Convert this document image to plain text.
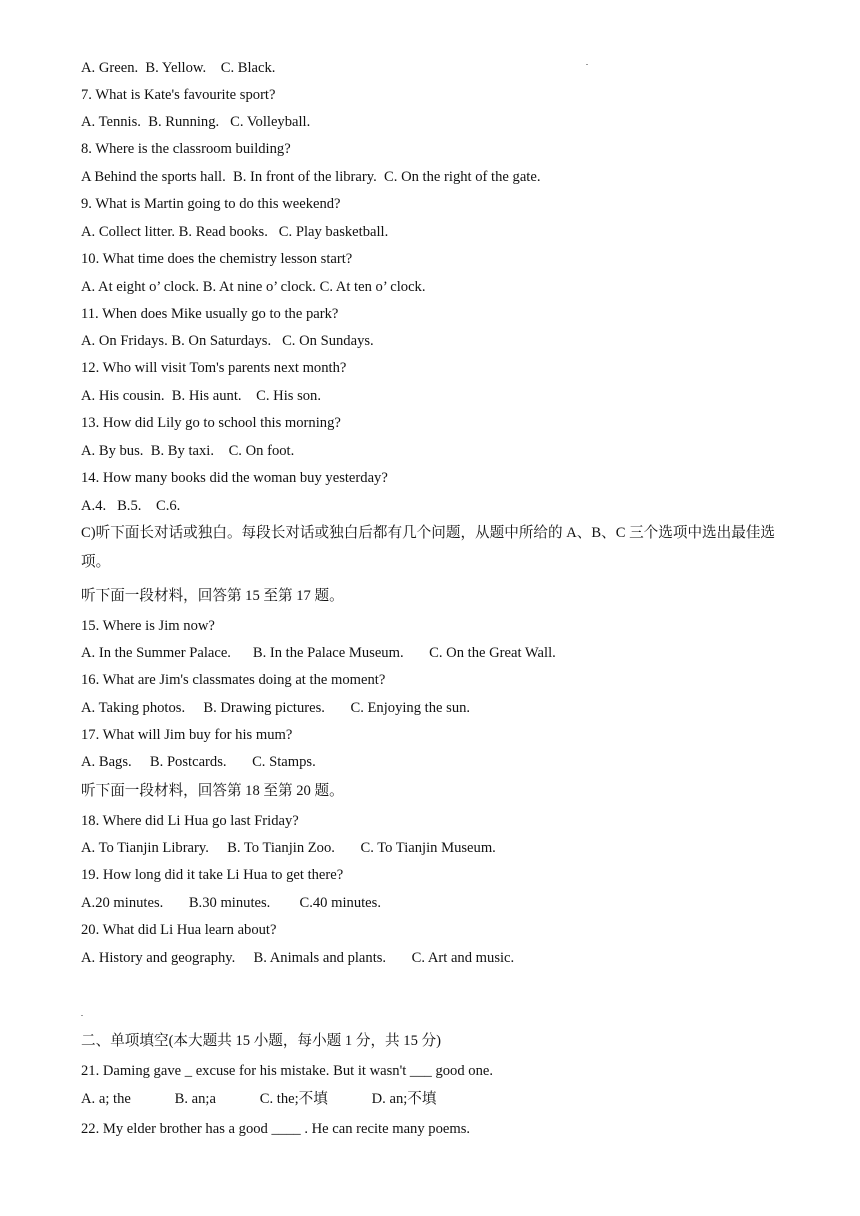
A. Green.  B. Yellow.    C. Black.
7. What is Kate's favourite sport?
A. Tennis.  B. Running.   C. Volleyball.
8. Where is the classroom building?
A Behind the sports hall.  B. In front of the library.  C. On the right of the gate.
9. What is Martin going to do this weekend?
A. Collect litter. B. Read books.   C. Play basketball.
10. What time does the chemistry lesson start?
A. At eight o’ clock. B. At nine o’ clock. C. At ten o’ clock.
11. When does Mike usually go to the park?
A. On Fridays. B. On Saturdays.   C. On Sundays.
12. Who will visit Tom's parents next month?
A. His cousin.  B. His aunt.    C. His son.
13. How did Lily go to school this morning?
A. By bus.  B. By taxi.    C. On foot.
14. How many books did the woman buy yesterday?
A.4.   B.5.    C.6.
C)听下面长对话或独白。每段长对话或独白后都有几个问题，从题中所给的 A、B、C 三个选项中选出最佳选项。
听下面一段材料，回答第 15 至第 17 题。
15. Where is Jim now?
A. In the Summer Palace.      B. In the Palace Museum.       C. On the Great Wall.
16. What are Jim's classmates doing at the moment?
A. Taking photos.     B. Drawing pictures.       C. Enjoying the sun.
17. What will Jim buy for his mum?
A. Bags.     B. Postcards.       C. Stamps.
听下面一段材料，回答第 18 至第 20 题。
18. Where did Li Hua go last Friday?
A. To Tianjin Library.     B. To Tianjin Zoo.       C. To Tianjin Museum.
19. How long did it take Li Hua to get there?
A.20 minutes.       B.30 minutes.        C.40 minutes.
20. What did Li Hua learn about?
A. History and geography.     B. Animals and plants.       C. Art and music.
二、单项填空(本大题共 15 小题，每小题 1 分，共 15 分)
21. Daming gave _ excuse for his mistake. But it wasn't ___ good one.
A. a; the            B. an;a            C. the;不填            D. an;不填
22. My elder brother has a good ____ . He can recite many poems.
